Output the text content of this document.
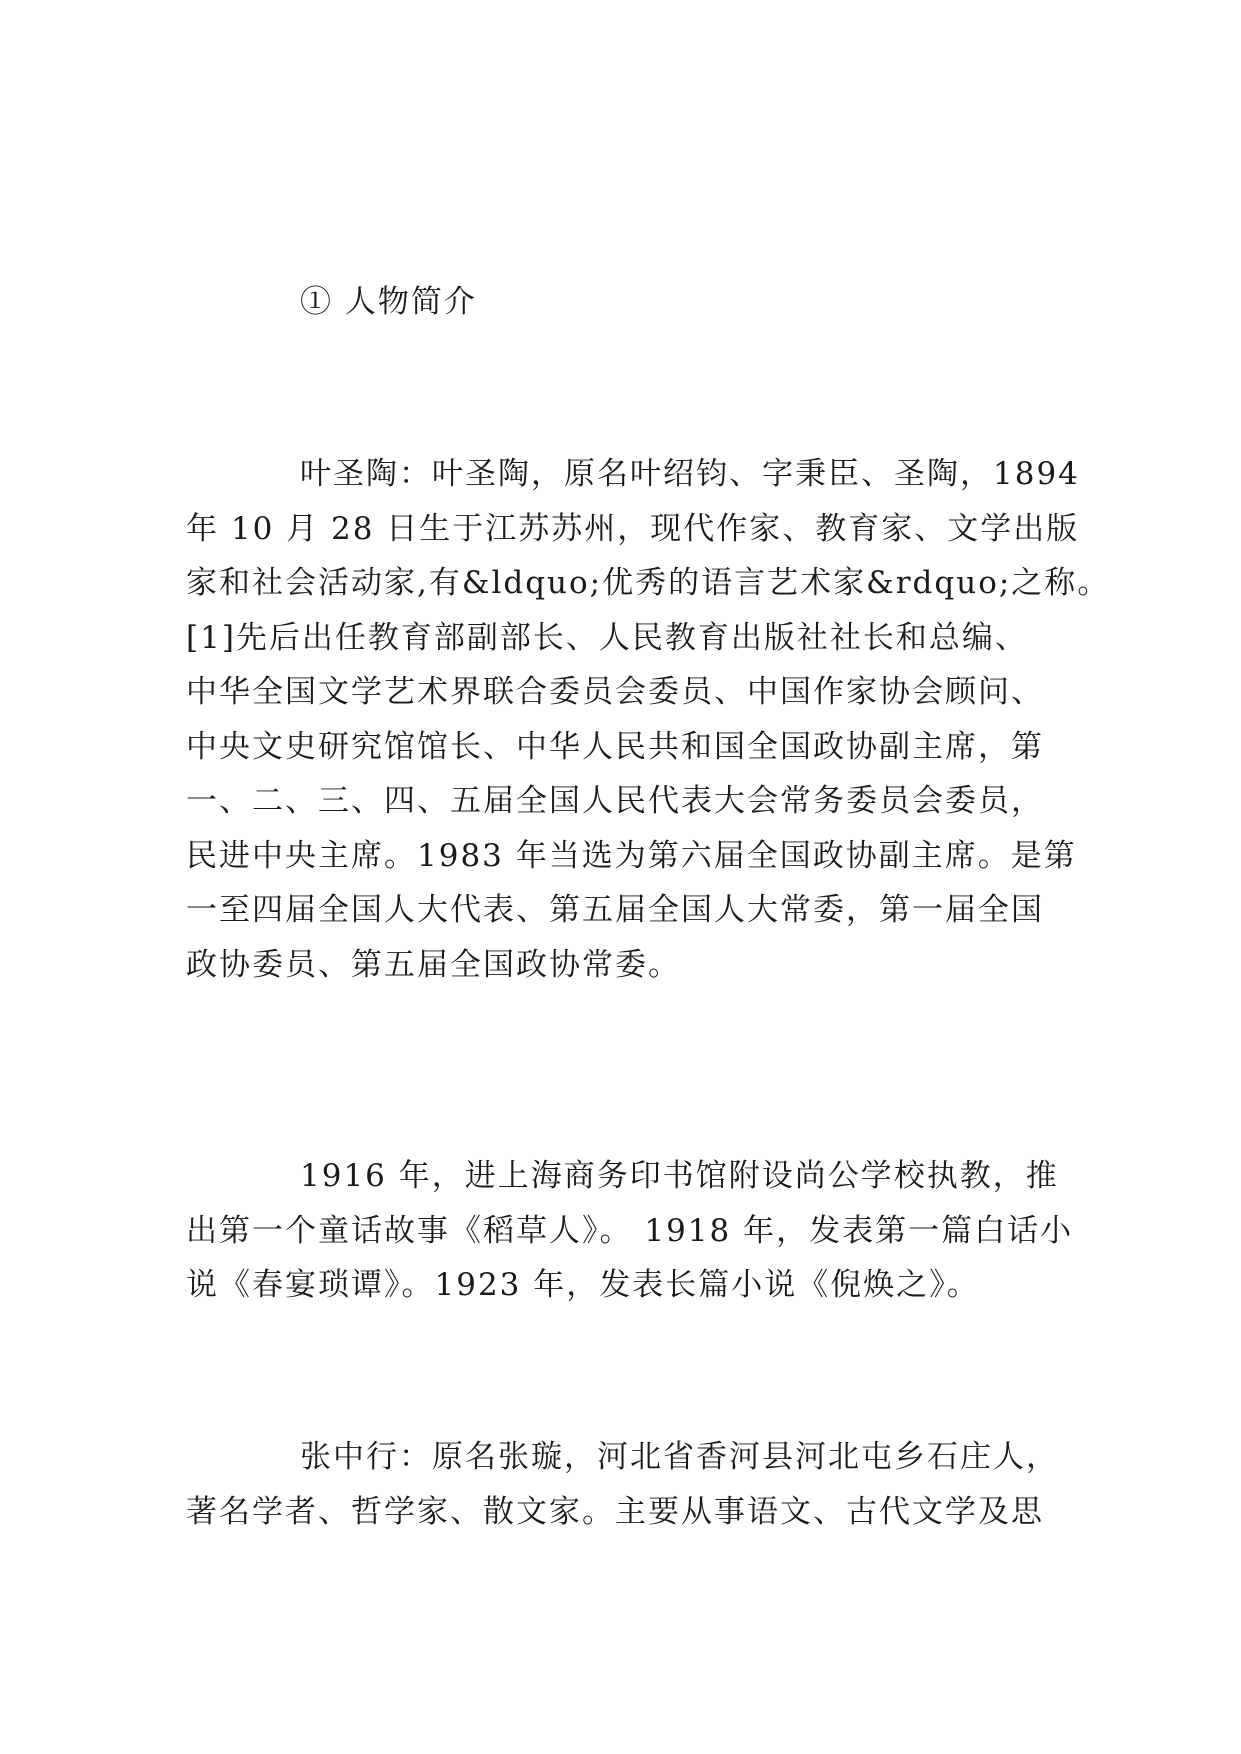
① 人物简介
叶圣陶：叶圣陶，原名叶绍钧、字秉臣、圣陶，1894
年 10 月 28 日生于江苏苏州，现代作家、教育家、文学出版
家和社会活动家,有&ldquo;优秀的语言艺术家&rdquo;之称。
[1]先后出任教育部副部长、人民教育出版社社长和总编、
中华全国文学艺术界联合委员会委员、中国作家协会顾问、
中央文史研究馆馆长、中华人民共和国全国政协副主席，第
一、二、三、四、五届全国人民代表大会常务委员会委员，
民进中央主席。1983 年当选为第六届全国政协副主席。是第
一至四届全国人大代表、第五届全国人大常委，第一届全国
政协委员、第五届全国政协常委。
1916 年，进上海商务印书馆附设尚公学校执教，推
出第一个童话故事《稻草人》。 1918 年，发表第一篇白话小
说《春宴琐谭》。1923 年，发表长篇小说《倪焕之》。
张中行：原名张璇，河北省香河县河北屯乡石庄人，
著名学者、哲学家、散文家。主要从事语文、古代文学及思
